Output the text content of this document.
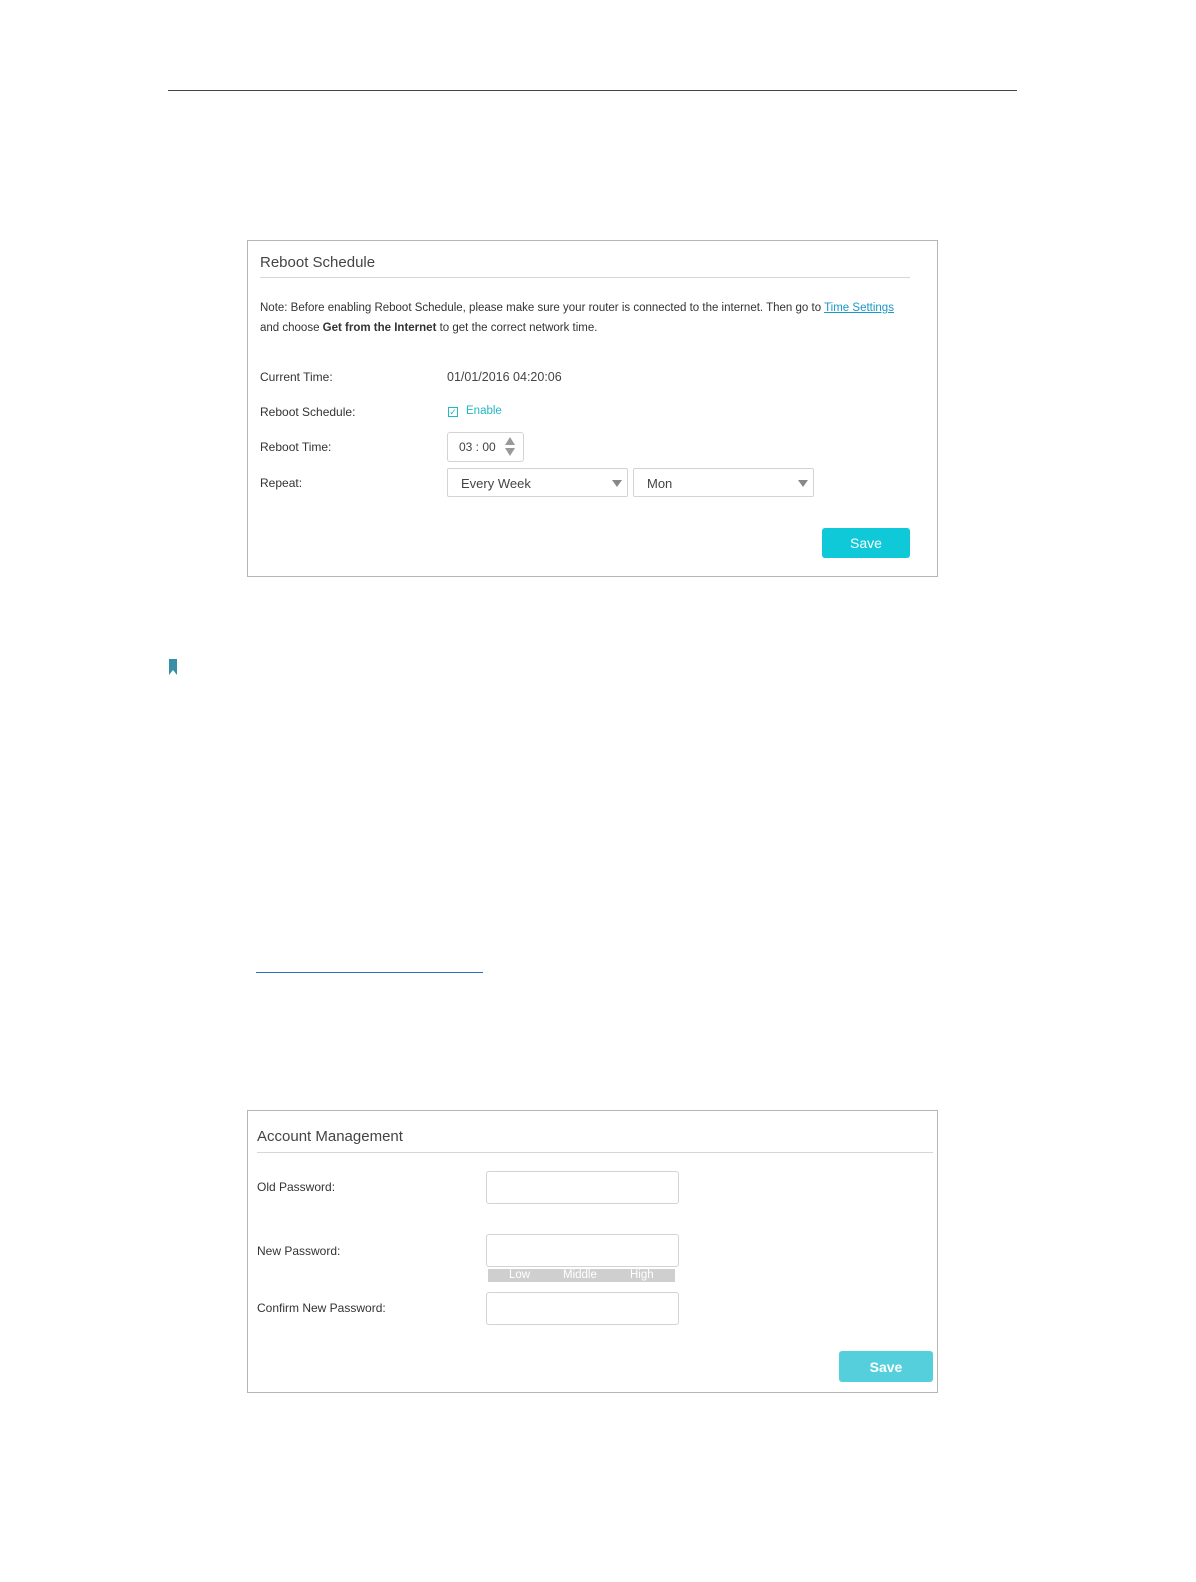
Reboot Schedule
Note: Before enabling Reboot Schedule, please make sure your router is connected to the internet. Then go to Time Settings
and choose Get from the Internet to get the correct network time.
Current Time:	01/01/2016 04:20:06
Reboot Schedule:	✓ Enable
Reboot Time:	03 : 00
Repeat:	Every Week	Mon
Save
Account Management
Old Password:
New Password:
Low	Middle	High
Confirm New Password:
Save
